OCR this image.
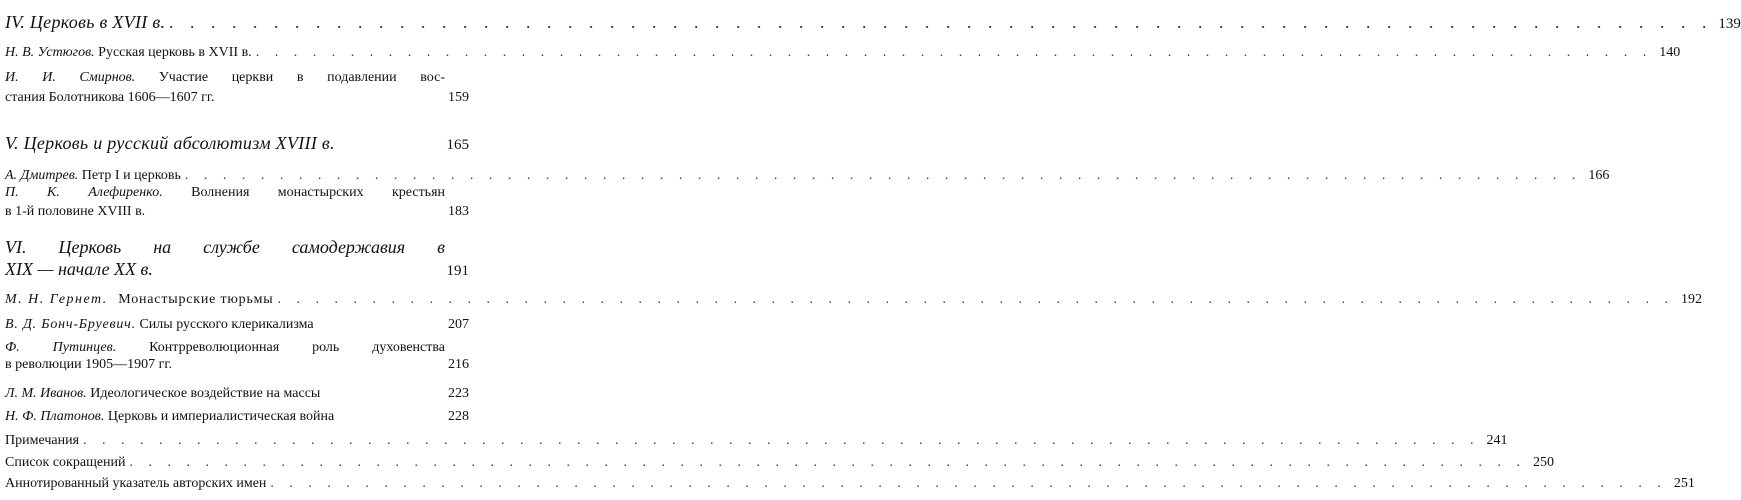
IV. Церковь в XVII в. . . .	139
Н. В. Устюгов. Русская церковь в XVII в. . . .	140
И. И. Смирнов. Участие церкви в подавлении вос-
стания Болотникова 1606—1607 гг.	159
V. Церковь и русский абсолютизм XVIII в.	165
А. Дмитрев. Петр I и церковь . . .	166
П. К. Алефиренко. Волнения монастырских крестьян
в 1-й половине XVIII в.	183
VI. Церковь на службе самодержавия в
XIX — начале XX в.	191
М. Н. Гернет. Монастырские тюрьмы . . .	192
В. Д. Бонч-Бруевич. Силы русского клерикализма	207
Ф. Путинцев. Контрреволюционная роль духовенства
в революции 1905—1907 гг.	216
Л. М. Иванов. Идеологическое воздействие на массы	223
Н. Ф. Платонов. Церковь и империалистическая война	228
Примечания . . .	241
Список сокращений . . .	250
Аннотированный указатель авторских имен . . .	251
